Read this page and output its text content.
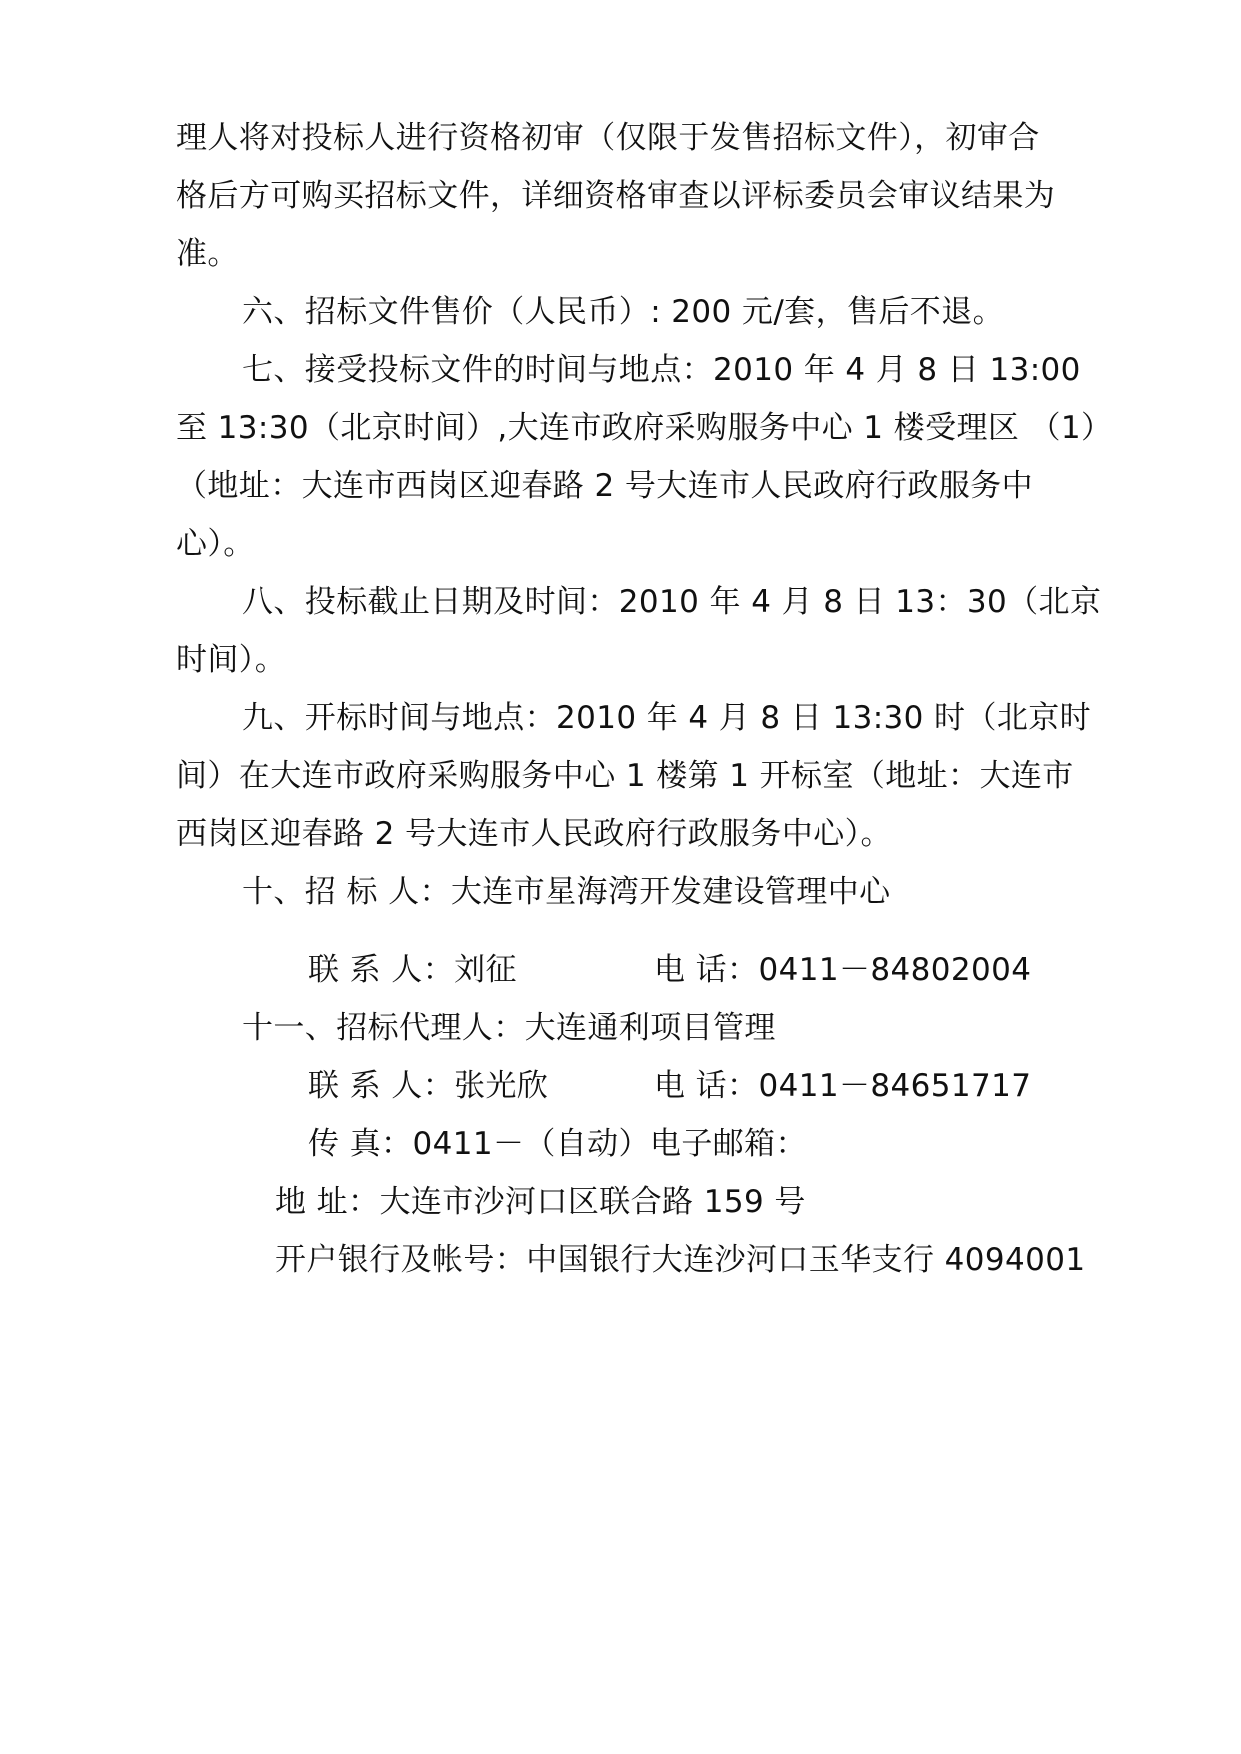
理人将对投标人进行资格初审（仅限于发售招标文件），初审合
格后方可购买招标文件，详细资格审查以评标委员会审议结果为
准。
六、招标文件售价（人民币）: 200 元/套，售后不退。
七、接受投标文件的时间与地点：2010 年 4 月 8 日 13:00
至 13:30（北京时间）,大连市政府采购服务中心 1 楼受理区 （1）
（地址：大连市西岗区迎春路 2 号大连市人民政府行政服务中
心）。
八、投标截止日期及时间：2010 年 4 月 8 日 13：30（北京
时间）。
九、开标时间与地点：2010 年 4 月 8 日 13:30 时（北京时
间）在大连市政府采购服务中心 1 楼第 1 开标室（地址：大连市
西岗区迎春路 2 号大连市人民政府行政服务中心）。
十、招 标 人：大连市星海湾开发建设管理中心
联 系 人：刘征	电 话：0411－84802004
十一、招标代理人：大连通利项目管理
联 系 人：张光欣	电 话：0411－84651717
传 真：0411－（自动）电子邮箱：
地 址：大连市沙河口区联合路 159 号
开户银行及帐号：中国银行大连沙河口玉华支行 4094001
